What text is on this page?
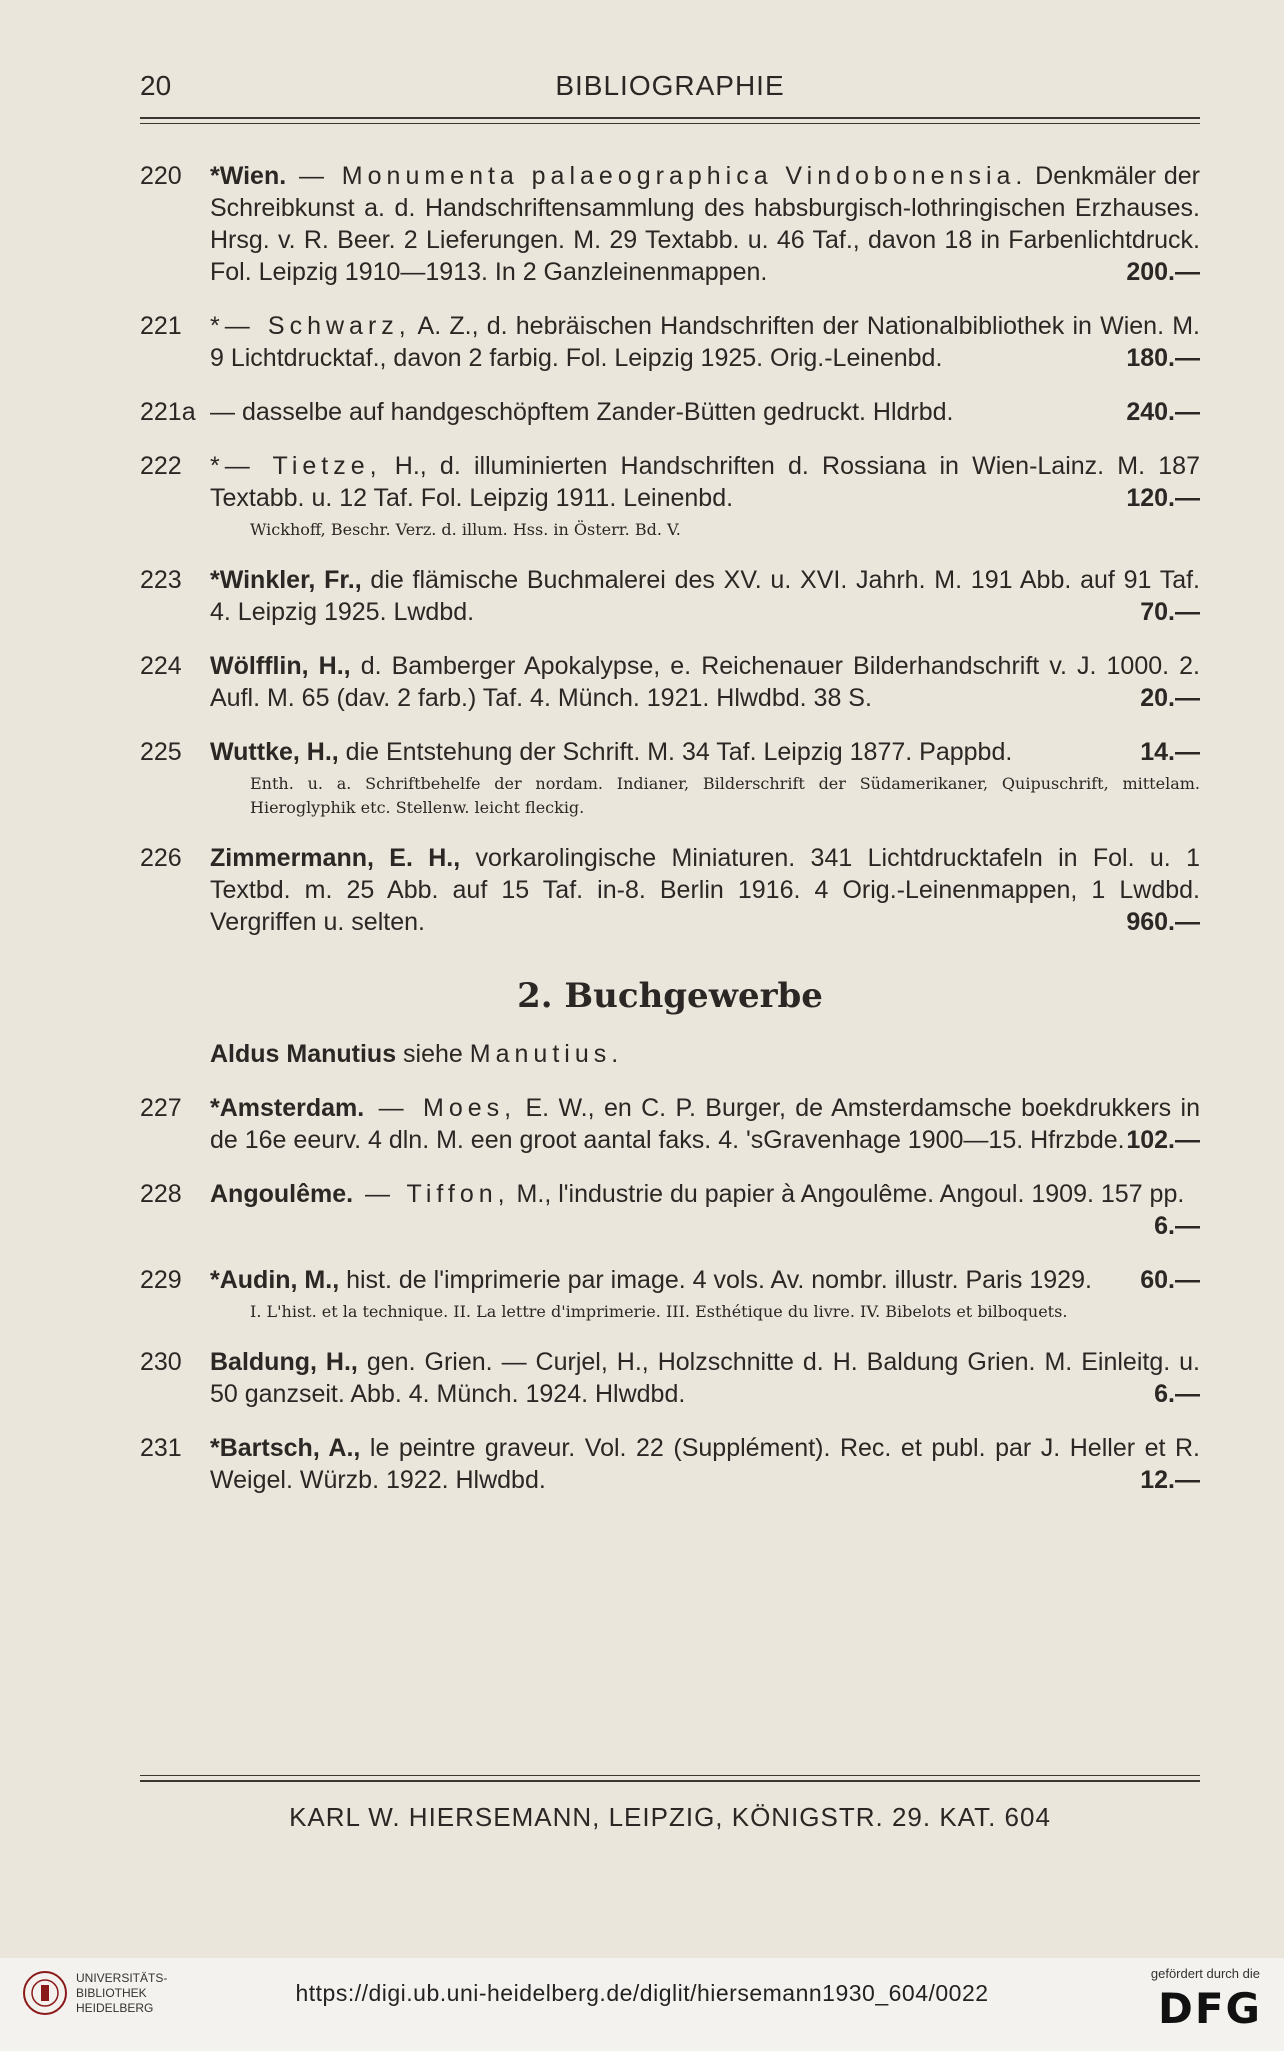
20	BIBLIOGRAPHIE
220	*Wien. — Monumenta palaeographica Vindobonensia. Denkmäler der Schreibkunst a. d. Handschriftensammlung des habsburgisch-lothringischen Erzhauses. Hrsg. v. R. Beer. 2 Lieferungen. M. 29 Textabb. u. 46 Taf., davon 18 in Farbenlichtdruck. Fol. Leipzig 1910—1913. In 2 Ganzleinenmappen.	200.—
221	*— Schwarz, A. Z., d. hebräischen Handschriften der Nationalbibliothek in Wien. M. 9 Lichtdrucktaf., davon 2 farbig. Fol. Leipzig 1925. Orig.-Leinenbd.	180.—
221a — dasselbe auf handgeschöpftem Zander-Bütten gedruckt. Hldrbd.	240.—
222	*— Tietze, H., d. illuminierten Handschriften d. Rossiana in Wien-Lainz. M. 187 Textabb. u. 12 Taf. Fol. Leipzig 1911. Leinenbd.	120.—
Wickhoff, Beschr. Verz. d. illum. Hss. in Österr. Bd. V.
223	*Winkler, Fr., die flämische Buchmalerei des XV. u. XVI. Jahrh. M. 191 Abb. auf 91 Taf. 4. Leipzig 1925. Lwdbd.	70.—
224	Wölfflin, H., d. Bamberger Apokalypse, e. Reichenauer Bilderhandschrift v. J. 1000. 2. Aufl. M. 65 (dav. 2 farb.) Taf. 4. Münch. 1921. Hlwdbd. 38 S.	20.—
225	Wuttke, H., die Entstehung der Schrift. M. 34 Taf. Leipzig 1877. Pappbd.	14.—
Enth. u. a. Schriftbehelfe der nordam. Indianer, Bilderschrift der Südamerikaner, Quipuschrift, mittelam. Hieroglyphik etc. Stellenw. leicht fleckig.
226	Zimmermann, E. H., vorkarolingische Miniaturen. 341 Lichtdrucktafeln in Fol. u. 1 Textbd. m. 25 Abb. auf 15 Taf. in-8. Berlin 1916. 4 Orig.-Leinenmappen, 1 Lwdbd. Vergriffen u. selten.	960.—
2. Buchgewerbe
Aldus Manutius siehe Manutius.
227	*Amsterdam. — Moes, E. W., en C. P. Burger, de Amsterdamsche boekdrukkers in de 16e eeurv. 4 dln. M. een groot aantal faks. 4. 'sGravenhage 1900—15. Hfrzbde. 102.—
228	Angoulême. — Tiffon, M., l'industrie du papier à Angoulême. Angoul. 1909. 157 pp.
6.—
229	*Audin, M., hist. de l'imprimerie par image. 4 vols. Av. nombr. illustr. Paris 1929. 60.—
I. L'hist. et la technique. II. La lettre d'imprimerie. III. Esthétique du livre. IV. Bibelots et bilboquets.
230	Baldung, H., gen. Grien. — Curjel, H., Holzschnitte d. H. Baldung Grien. M. Einleitg. u. 50 ganzseit. Abb. 4. Münch. 1924. Hlwdbd.	6.—
231	*Bartsch, A., le peintre graveur. Vol. 22 (Supplément). Rec. et publ. par J. Heller et R. Weigel. Würzb. 1922. Hlwdbd.	12.—
KARL W. HIERSEMANN, LEIPZIG, KÖNIGSTR. 29. KAT. 604
UNIVERSITÄTS-
BIBLIOTHEK
HEIDELBERG
https://digi.ub.uni-heidelberg.de/diglit/hiersemann1930_604/0022
gefördert durch die
DFG
